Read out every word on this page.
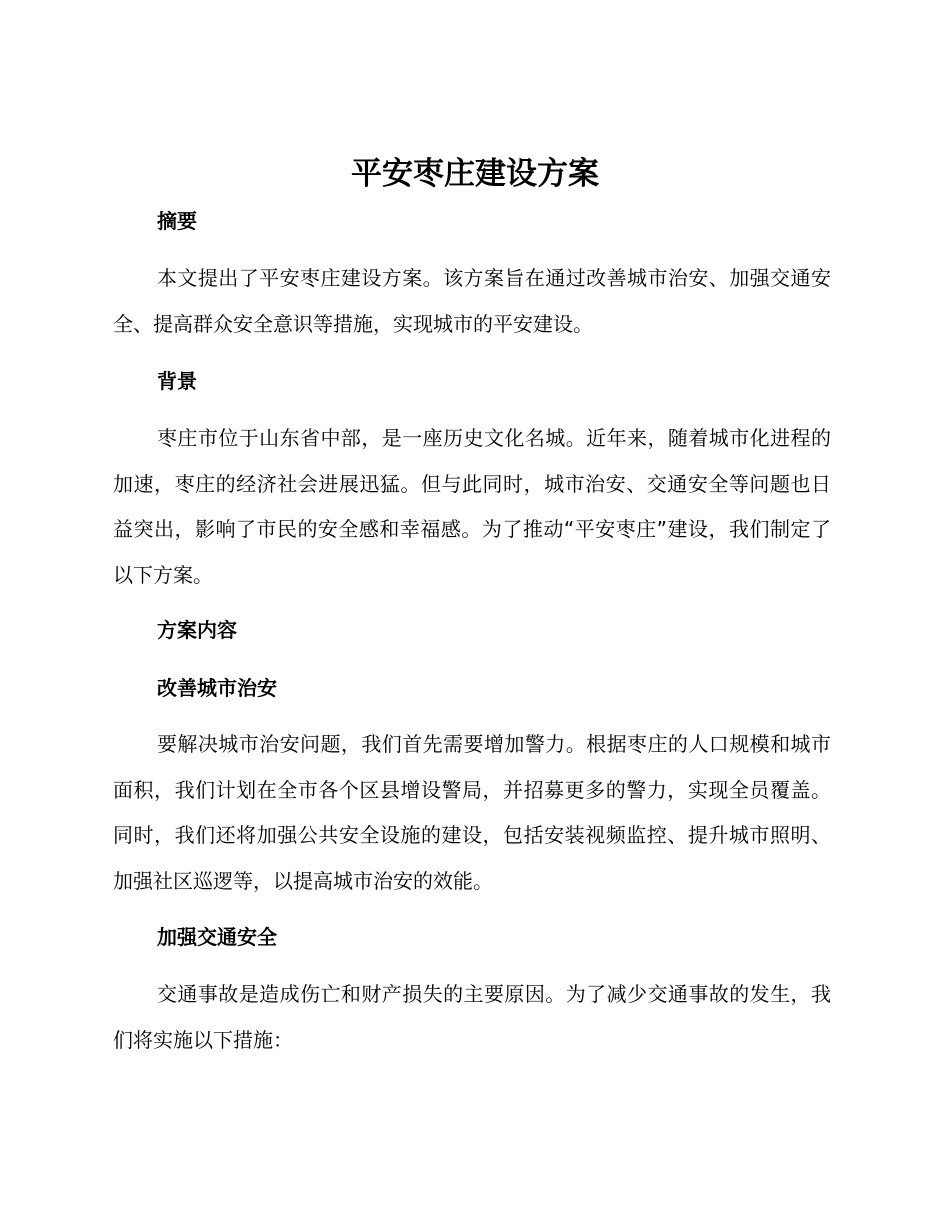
平安枣庄建设方案
摘要

本文提出了平安枣庄建设方案。该方案旨在通过改善城市治安、加强交通安全、提高群众安全意识等措施，实现城市的平安建设。

背景

枣庄市位于山东省中部，是一座历史文化名城。近年来，随着城市化进程的加速，枣庄的经济社会进展迅猛。但与此同时，城市治安、交通安全等问题也日益突出，影响了市民的安全感和幸福感。为了推动“平安枣庄”建设，我们制定了以下方案。

方案内容
改善城市治安

要解决城市治安问题，我们首先需要增加警力。根据枣庄的人口规模和城市面积，我们计划在全市各个区县增设警局，并招募更多的警力，实现全员覆盖。同时，我们还将加强公共安全设施的建设，包括安装视频监控、提升城市照明、加强社区巡逻等，以提高城市治安的效能。

加强交通安全

交通事故是造成伤亡和财产损失的主要原因。为了减少交通事故的发生，我们将实施以下措施：
